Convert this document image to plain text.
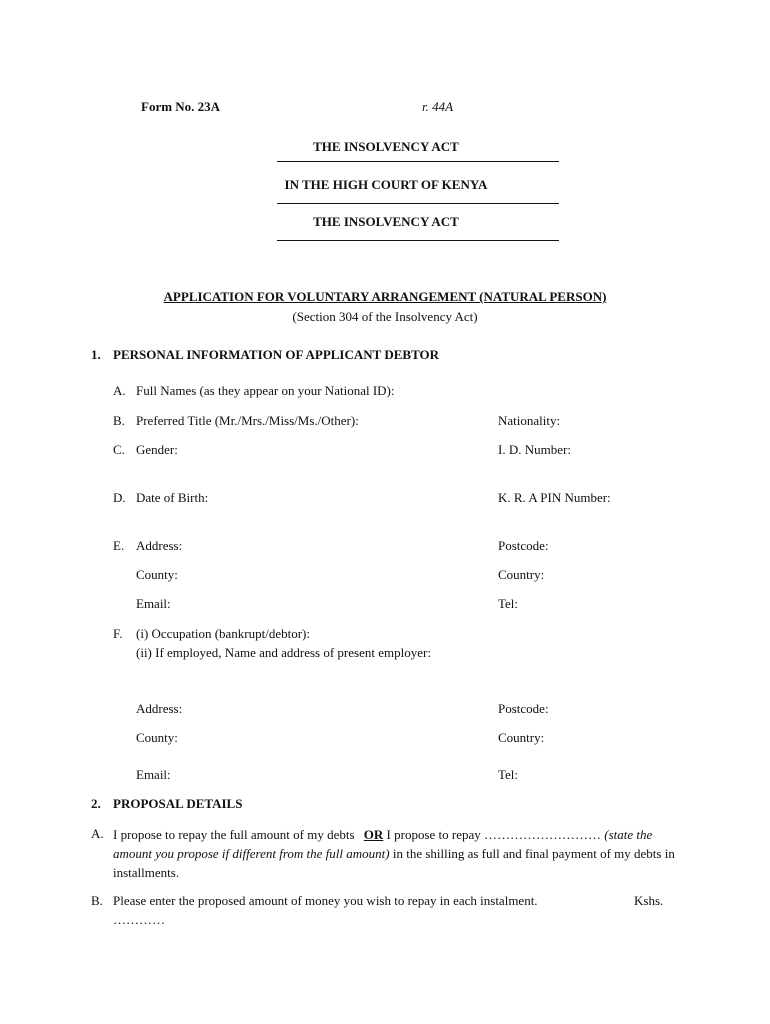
Form No. 23A	r. 44A
THE INSOLVENCY ACT
IN THE HIGH COURT OF KENYA
THE INSOLVENCY ACT
APPLICATION FOR VOLUNTARY ARRANGEMENT (NATURAL PERSON)
(Section 304 of the Insolvency Act)
1. PERSONAL INFORMATION OF APPLICANT DEBTOR
A. Full Names (as they appear on your National ID):
B. Preferred Title (Mr./Mrs./Miss/Ms./Other):	Nationality:
C. Gender:	I. D. Number:
D. Date of Birth:	K. R. A PIN Number:
E. Address:	Postcode:
County:	Country:
Email:	Tel:
F. (i) Occupation (bankrupt/debtor):
(ii) If employed, Name and address of present employer:
Address:	Postcode:
County:	Country:
Email:	Tel:
2. PROPOSAL DETAILS
A. I propose to repay the full amount of my debts OR I propose to repay ……………………… (state the amount you propose if different from the full amount) in the shilling as full and final payment of my debts in installments.
B. Please enter the proposed amount of money you wish to repay in each instalment.	Kshs.
…………
